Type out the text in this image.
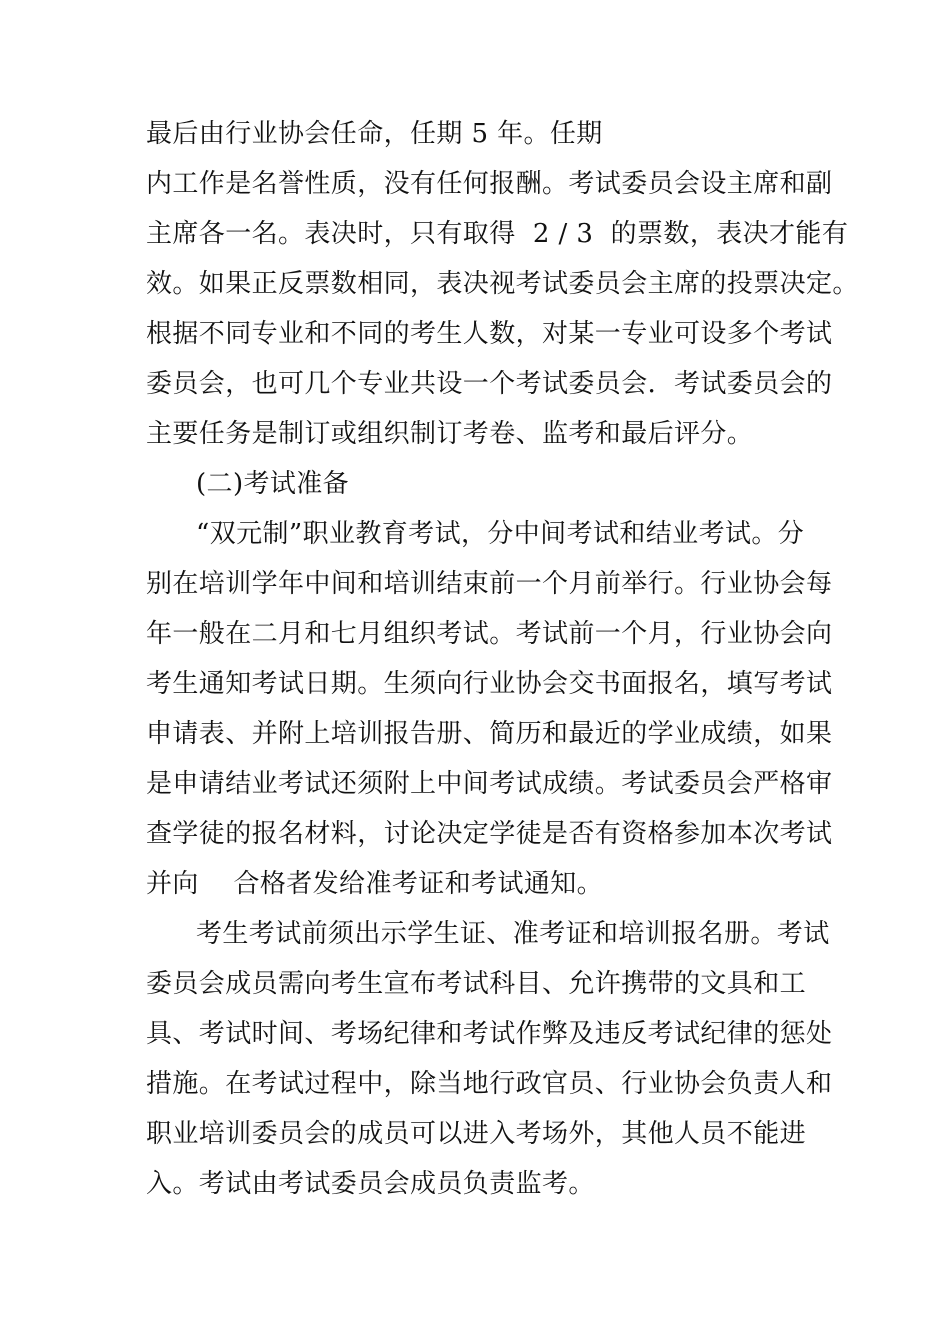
最后由行业协会任命，任期 5 年。任期
内工作是名誉性质，没有任何报酬。考试委员会设主席和副
主席各一名。表决时，只有取得  2 / 3  的票数，表决才能有
效。如果正反票数相同，表决视考试委员会主席的投票决定。
根据不同专业和不同的考生人数，对某一专业可设多个考试
委员会，也可几个专业共设一个考试委员会．考试委员会的
主要任务是制订或组织制订考卷、监考和最后评分。
(二)考试准备
“双元制”职业教育考试，分中间考试和结业考试。分
别在培训学年中间和培训结束前一个月前举行。行业协会每
年一般在二月和七月组织考试。考试前一个月，行业协会向
考生通知考试日期。生须向行业协会交书面报名，填写考试
申请表、并附上培训报告册、简历和最近的学业成绩，如果
是申请结业考试还须附上中间考试成绩。考试委员会严格审
查学徒的报名材料，讨论决定学徒是否有资格参加本次考试
并向    合格者发给准考证和考试通知。
考生考试前须出示学生证、准考证和培训报名册。考试
委员会成员需向考生宣布考试科目、允许携带的文具和工
具、考试时间、考场纪律和考试作弊及违反考试纪律的惩处
措施。在考试过程中，除当地行政官员、行业协会负责人和
职业培训委员会的成员可以进入考场外，其他人员不能进
入。考试由考试委员会成员负责监考。
